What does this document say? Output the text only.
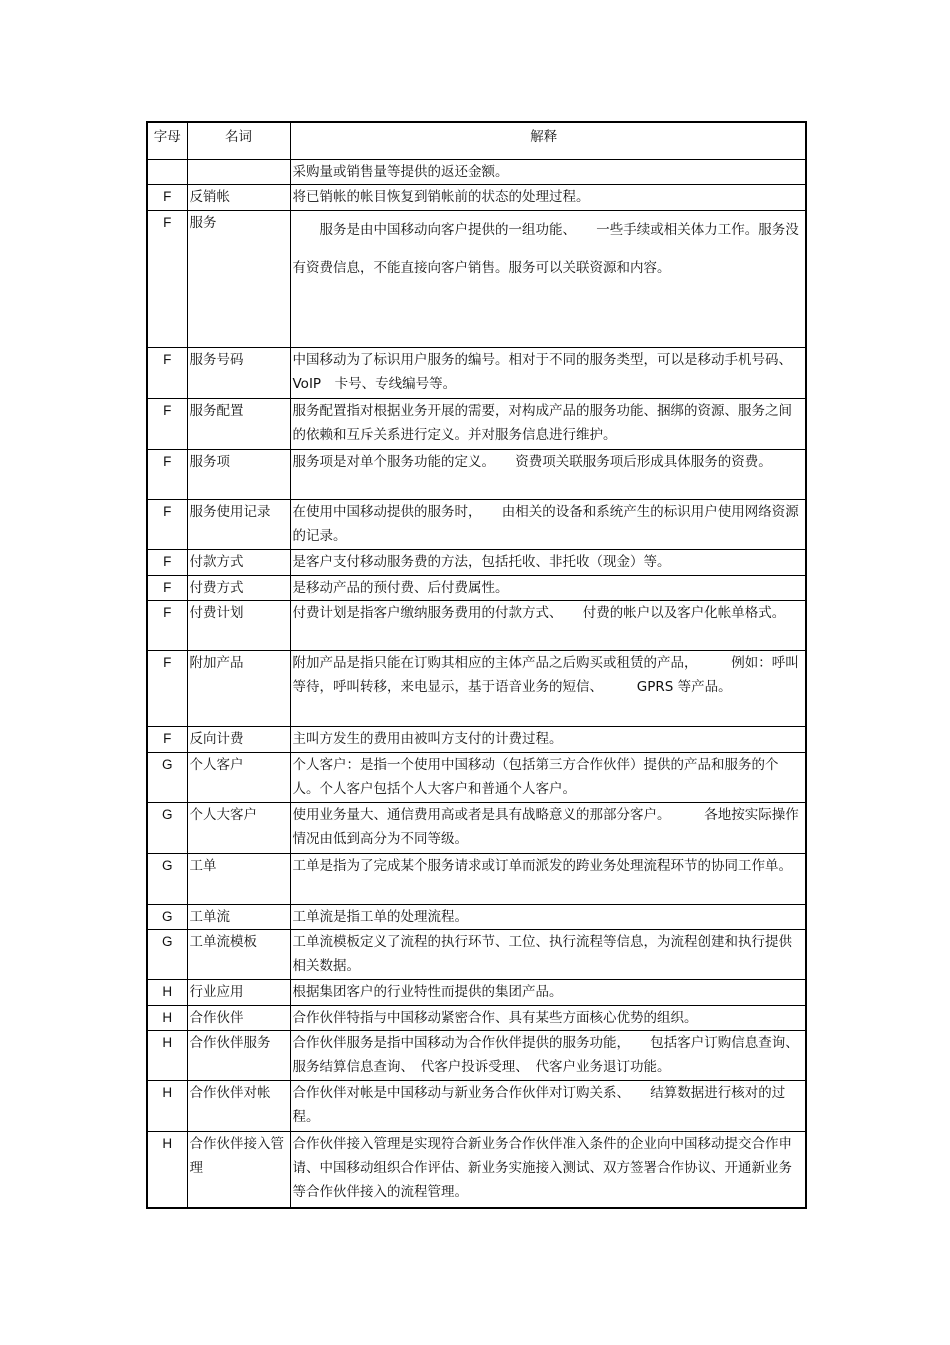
字母	名词	解释
		采购量或销售量等提供的返还金额。
F	反销帐	将已销帐的帐目恢复到销帐前的状态的处理过程。
F	服务	　　服务是由中国移动向客户提供的一组功能、　　一些手续或相关体力工作。服务没有资费信息，不能直接向客户销售。服务可以关联资源和内容。
F	服务号码	中国移动为了标识用户服务的编号。相对于不同的服务类型，可以是移动手机号码、　VoIP　卡号、专线编号等。
F	服务配置	服务配置指对根据业务开展的需要，对构成产品的服务功能、捆绑的资源、服务之间的依赖和互斥关系进行定义。并对服务信息进行维护。
F	服务项	服务项是对单个服务功能的定义。　　资费项关联服务项后形成具体服务的资费。
F	服务使用记录	在使用中国移动提供的服务时，　　由相关的设备和系统产生的标识用户使用网络资源的记录。
F	付款方式	是客户支付移动服务费的方法，包括托收、非托收（现金）等。
F	付费方式	是移动产品的预付费、后付费属性。
F	付费计划	付费计划是指客户缴纳服务费用的付款方式、　　付费的帐户以及客户化帐单格式。
F	附加产品	附加产品是指只能在订购其相应的主体产品之后购买或租赁的产品，　　　例如：呼叫等待，呼叫转移，来电显示，基于语音业务的短信、　　　GPRS 等产品。
F	反向计费	主叫方发生的费用由被叫方支付的计费过程。
G	个人客户	个人客户：是指一个使用中国移动（包括第三方合作伙伴）提供的产品和服务的个人。个人客户包括个人大客户和普通个人客户。
G	个人大客户	使用业务量大、通信费用高或者是具有战略意义的那部分客户。　　　各地按实际操作情况由低到高分为不同等级。
G	工单	工单是指为了完成某个服务请求或订单而派发的跨业务处理流程环节的协同工作单。
G	工单流	工单流是指工单的处理流程。
G	工单流模板	工单流模板定义了流程的执行环节、工位、执行流程等信息，为流程创建和执行提供相关数据。
H	行业应用	根据集团客户的行业特性而提供的集团产品。
H	合作伙伴	合作伙伴特指与中国移动紧密合作、具有某些方面核心优势的组织。
H	合作伙伴服务	合作伙伴服务是指中国移动为合作伙伴提供的服务功能，　　包括客户订购信息查询、服务结算信息查询、　代客户投诉受理、　代客户业务退订功能。
H	合作伙伴对帐	合作伙伴对帐是中国移动与新业务合作伙伴对订购关系、　　结算数据进行核对的过程。
H	合作伙伴接入管理	合作伙伴接入管理是实现符合新业务合作伙伴准入条件的企业向中国移动提交合作申请、中国移动组织合作评估、新业务实施接入测试、双方签署合作协议、开通新业务等合作伙伴接入的流程管理。
